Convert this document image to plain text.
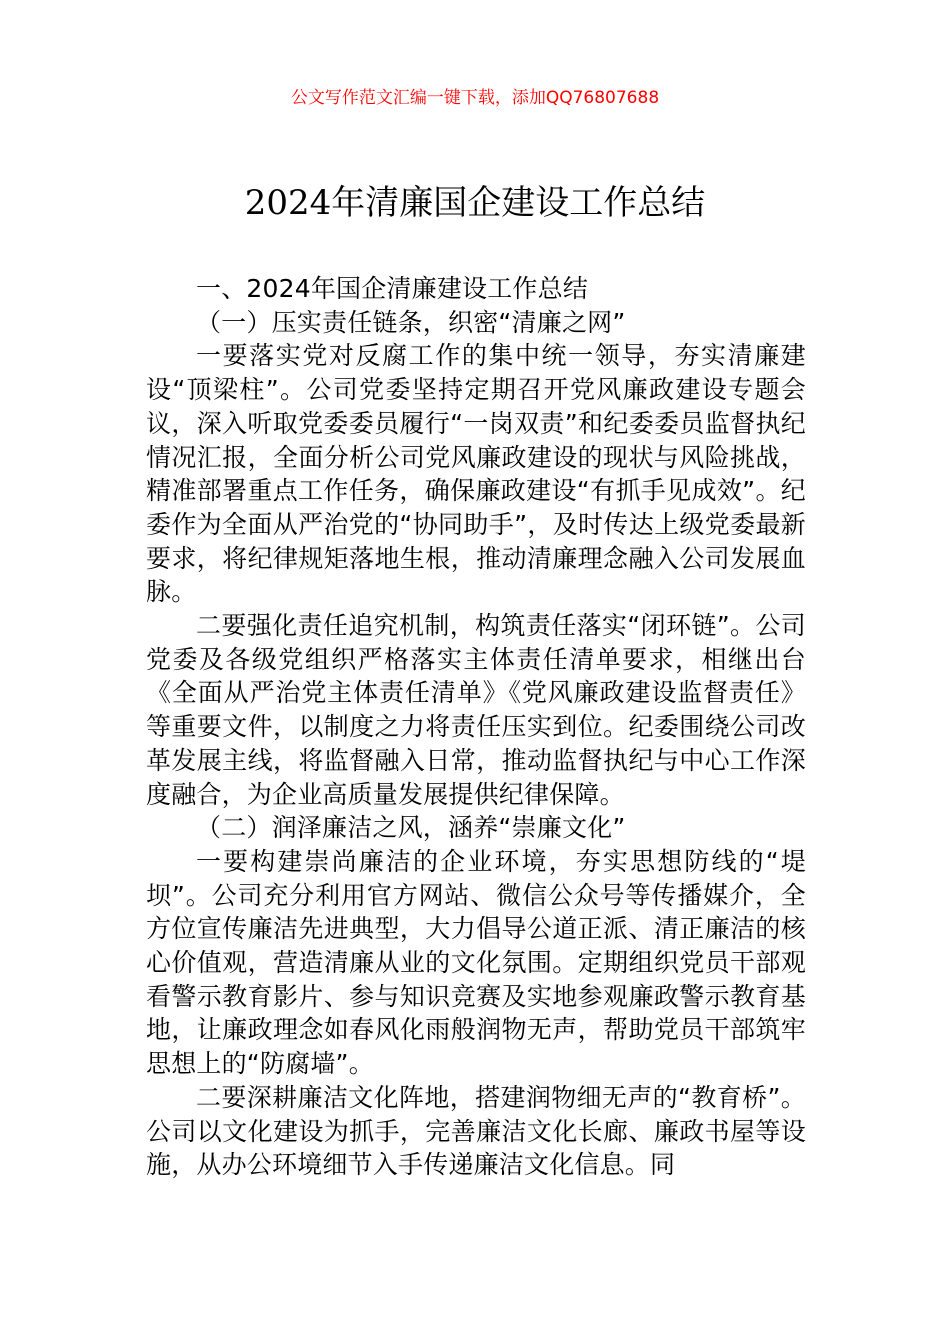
公文写作范文汇编一键下载，添加QQ76807688
2024年清廉国企建设工作总结

一、2024年国企清廉建设工作总结

（一）压实责任链条，织密“清廉之网”

一要落实党对反腐工作的集中统一领导，夯实清廉建设“顶梁柱”。公司党委坚持定期召开党风廉政建设专题会议，深入听取党委委员履行“一岗双责”和纪委委员监督执纪情况汇报，全面分析公司党风廉政建设的现状与风险挑战，精准部署重点工作任务，确保廉政建设“有抓手见成效”。纪委作为全面从严治党的“协同助手”，及时传达上级党委最新要求，将纪律规矩落地生根，推动清廉理念融入公司发展血脉。

二要强化责任追究机制，构筑责任落实“闭环链”。公司党委及各级党组织严格落实主体责任清单要求，相继出台《全面从严治党主体责任清单》《党风廉政建设监督责任》等重要文件，以制度之力将责任压实到位。纪委围绕公司改革发展主线，将监督融入日常，推动监督执纪与中心工作深度融合，为企业高质量发展提供纪律保障。

（二）润泽廉洁之风，涵养“崇廉文化”

一要构建崇尚廉洁的企业环境，夯实思想防线的“堤坝”。公司充分利用官方网站、微信公众号等传播媒介，全方位宣传廉洁先进典型，大力倡导公道正派、清正廉洁的核心价值观，营造清廉从业的文化氛围。定期组织党员干部观看警示教育影片、参与知识竞赛及实地参观廉政警示教育基地，让廉政理念如春风化雨般润物无声，帮助党员干部筑牢思想上的“防腐墙”。

二要深耕廉洁文化阵地，搭建润物细无声的“教育桥”。公司以文化建设为抓手，完善廉洁文化长廊、廉政书屋等设施，从办公环境细节入手传递廉洁文化信息。同
